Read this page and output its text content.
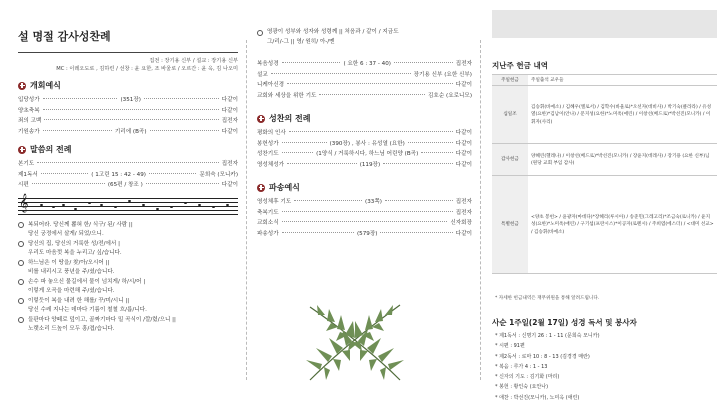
설 명절 감사성찬례
집전 : 장기용 신부 / 설교 : 장기용 신부
MC : 이레오도로 , 김하린 / 선창 : 윤 요한, 조 바울로 / 오르간 : 윤 옥, 김 나오미
개회예식
입당성가	(351장)	다같이
양초축복	다같이
죄의 고백	집전자
기원송가	기리에 (B곡)	다같이
말씀의 전례
본기도	집전자
제1독서	( 1고린 15 : 42 - 49)	문희숙 (모니카)
시편	(65편 / 창조 )	다같이
𝄞
복되어라. 당신께 뽑혀 한/ 식구/ 된/ 사람 ||
당신 궁정에서 살게/ 되었/으니.
당신의 집, 당신의 거룩한 성/전/에서 |
우리도 마음껏 복을 누리고/ 싶/습니다.
하느님은 이 땅을/ 찾/아/오시어 ||
비를 내리시고 풍년을 주/셨/습니다.
손수 파 놓으신 물길에서 물이 넘치게/ 하/시/어 |
이렇게 오곡을 마련해 주/셨/습니다.
이렇듯이 복을 내려 한 해를/ 꾸/미/시니 ||
당신 수레 지나는 데마다 기름이 철철 흐/릅/니다.
들판마다 양떼로 덮이고, 골짜기마다 밀 곡식이 /깔/렸/으니 ||
노랫소리 드높이 모두 흥/겹/습니다.
영광이 성부와 성자와 성령께 || 처음과 / 같이 / 지금도
그/리/-그 || 영/ 원히/ 아-/멘
복음성경	( 요한 6 : 37 - 40)	집전자
설교	장기용 신부 (요한 신부)
니케아신경	다같이
교회와 세상을 위한 기도	김호순 (요로니모)
성찬의 전례
평화의 인사	다같이
봉헌성가	(390장) , 봉사 : 유성열 (요한)	다같이
성찬기도	(1양식 / 거룩하시다, 하느님 어린양 (B곡)	다같이
영성체성가	(119장)	다같이
파송예식
영성체후 기도	(33쪽)	집전자
축복기도	집전자
교회소식	신자회장
파송성가	(579장)	다같이
지난주 헌금 내역
주일헌금	주일출석 교우들
십일조	김승휘(바예소) / 김혜우(엘로서) / 김학수(바울로)*오선자(데비사) / 박기숙(클라라) / 유성열(요한)*김남이(안나) / 문지성(요한)*노미옥(애린) / 이창선(베드로)*박선진(모니카) / 이휘자(사리)
감사헌금	양혜린(헬레나) / 이창선(베드로)*박선진(모니카) / 장윤지(데레사) / 장기용 (요한 신부)님 (원당 교회 부임 감사)
특별헌금	<양초 봉헌> / 윤광자(마데다)*장혜리(루시아) / 송준민(그레고리)*조금숙(로니카) / 윤지성(요한)*노미옥(애린) / 구기섭(프란시스)*이공자(로렌시) / 주희엽(에스더) / <대미 선교> / 김승휘(바예소)
* 자세한 헌금내역은 재무위원을 통해 알려드립니다.
사순 1주일(2월 17일) 성경 독서 및 봉사자
* 제1독서 : 신명기 26 : 1 - 11 (문희숙 모니카)
* 시편 : 91편
* 제2독서 : 로마 10 : 8 - 13 (김경경 매란)
* 복음 : 루가 4 : 1 - 13
* 신자의 기도 : 김기화 (마리)
* 봉헌 : 황인숙 (요안나)
* 애찬 : 박선진(모니카), 노미옥 (애린)
